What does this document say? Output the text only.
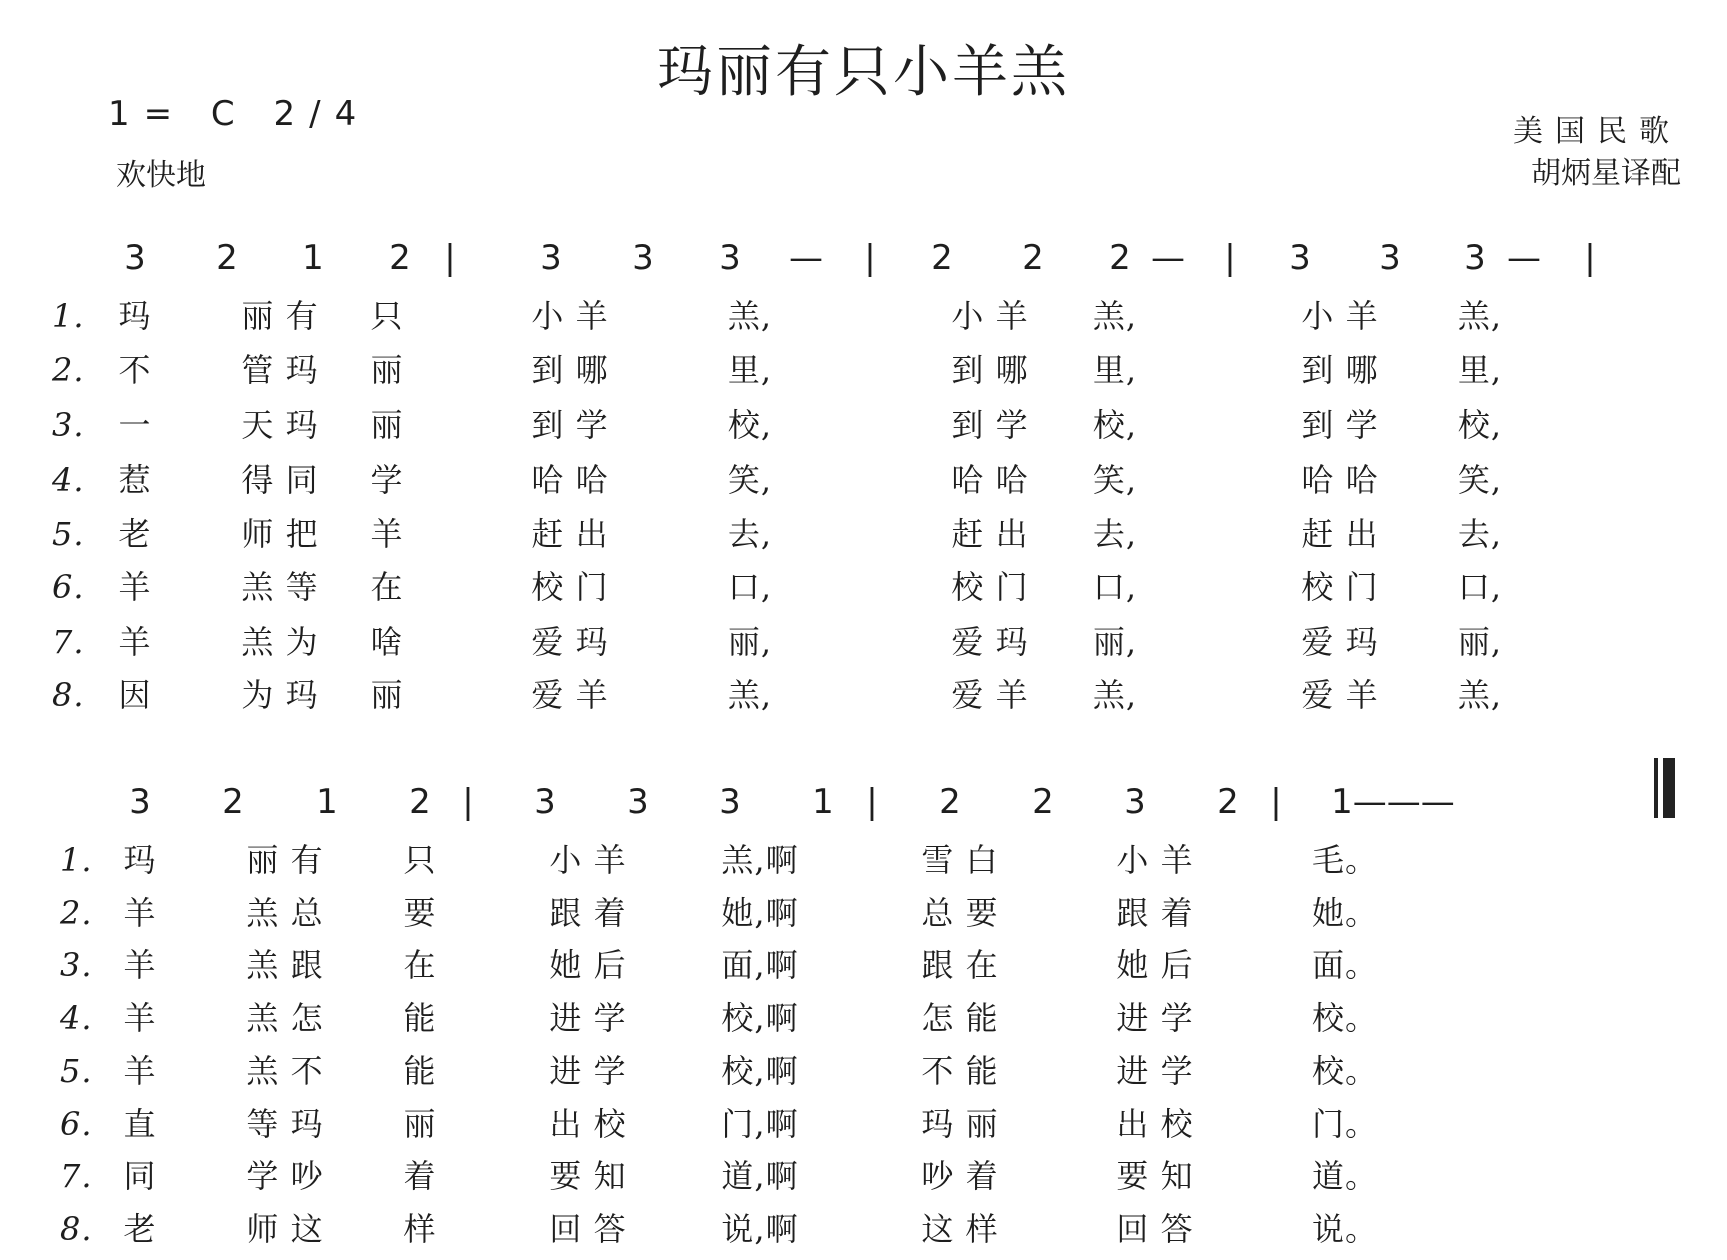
玛丽有只小羊羔
1= C 2/4
欢快地
美国民歌
胡炳星译配
3 2 1 2 | 3 3 3 — | 2 2 2 — | 3 3 3 — |
1. 玛	丽 有 只	小 羊	羔,	小 羊 羔,	小 羊 羔,
2. 不	管 玛 丽	到 哪	里,	到 哪 里,	到 哪 里,
3. 一	天 玛 丽	到 学	校,	到 学 校,	到 学 校,
4. 惹	得 同 学	哈 哈	笑,	哈 哈 笑,	哈 哈 笑,
5. 老	师 把 羊	赶 出	去,	赶 出 去,	赶 出 去,
6. 羊	羔 等 在	校 门	口,	校 门 口,	校 门 口,
7. 羊	羔 为 啥	爱 玛	丽,	爱 玛 丽,	爱 玛 丽,
8. 因	为 玛 丽	爱 羊	羔,	爱 羊 羔,	爱 羊 羔,
3 2 1 2 | 3 3 3 1 | 2 2 3 2 | 1———
1. 玛	丽 有 只	小 羊	羔,啊	雪 白	小 羊	毛。
2. 羊	羔 总 要	跟 着	她,啊	总 要	跟 着	她。
3. 羊	羔 跟 在	她 后	面,啊	跟 在	她 后	面。
4. 羊	羔 怎 能	进 学	校,啊	怎 能	进 学	校。
5. 羊	羔 不 能	进 学	校,啊	不 能	进 学	校。
6. 直	等 玛 丽	出 校	门,啊	玛 丽	出 校	门。
7. 同	学 吵 着	要 知	道,啊	吵 着	要 知	道。
8. 老	师 这 样	回 答	说,啊	这 样	回 答	说。
